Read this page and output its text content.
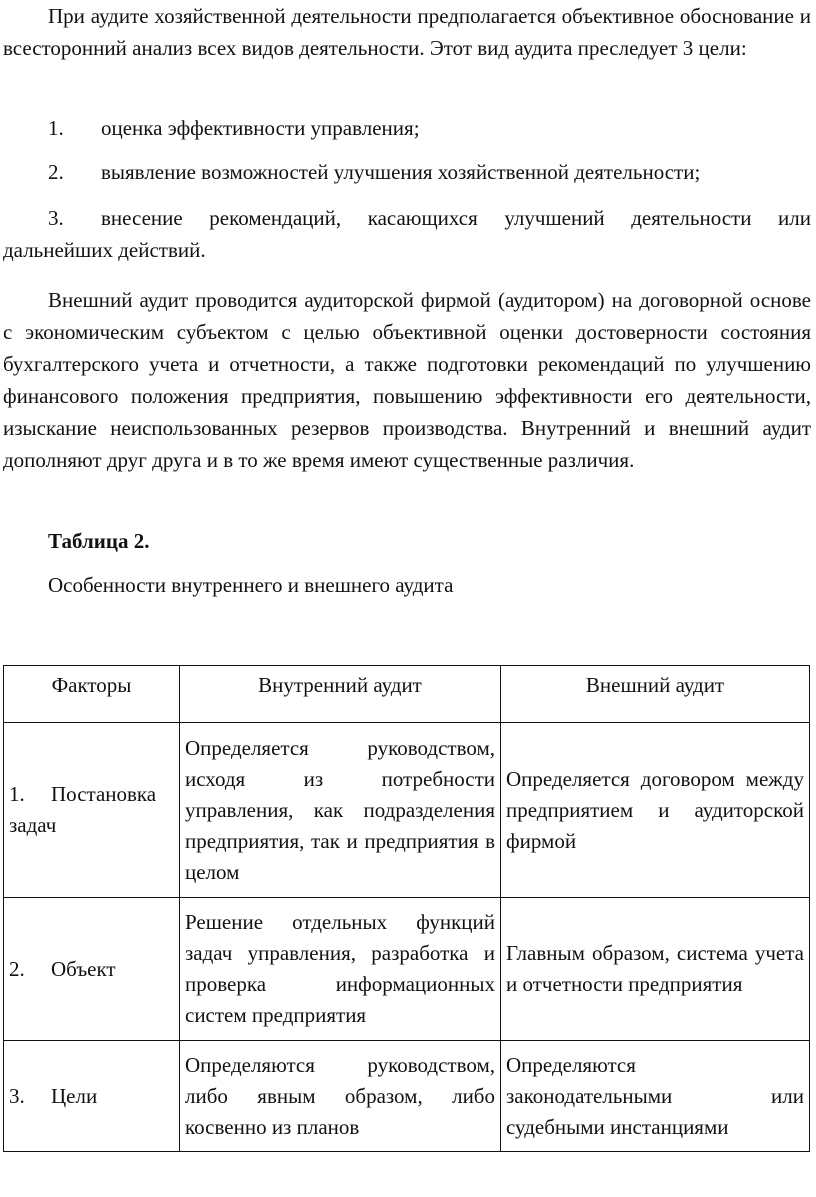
При аудите хозяйственной деятельности предполагается объективное обоснование и всесторонний анализ всех видов деятельности. Этот вид аудита преследует 3 цели:

1.	оценка эффективности управления;
2.	выявление возможностей улучшения хозяйственной деятельности;
3.	внесение рекомендаций, касающихся улучшений деятельности или дальнейших действий.

Внешний аудит проводится аудиторской фирмой (аудитором) на договорной основе с экономическим субъектом с целью объективной оценки достоверности состояния бухгалтерского учета и отчетности, а также подготовки рекомендаций по улучшению финансового положения предприятия, повышению эффективности его деятельности, изыскание неиспользованных резервов производства. Внутренний и внешний аудит дополняют друг друга и в то же время имеют существенные различия.

Таблица 2.

Особенности внутреннего и внешнего аудита

Факторы	Внутренний аудит	Внешний аудит
1. Постановка задач	Определяется руководством, исходя из потребности управления, как подразделения предприятия, так и предприятия в целом	Определяется договором между предприятием и аудиторской фирмой
2. Объект	Решение отдельных функций задач управления, разработка и проверка информационных систем предприятия	Главным образом, система учета и отчетности предприятия
3. Цели	Определяются руководством, либо явным образом, либо косвенно из планов	Определяются законодательными или судебными инстанциями
